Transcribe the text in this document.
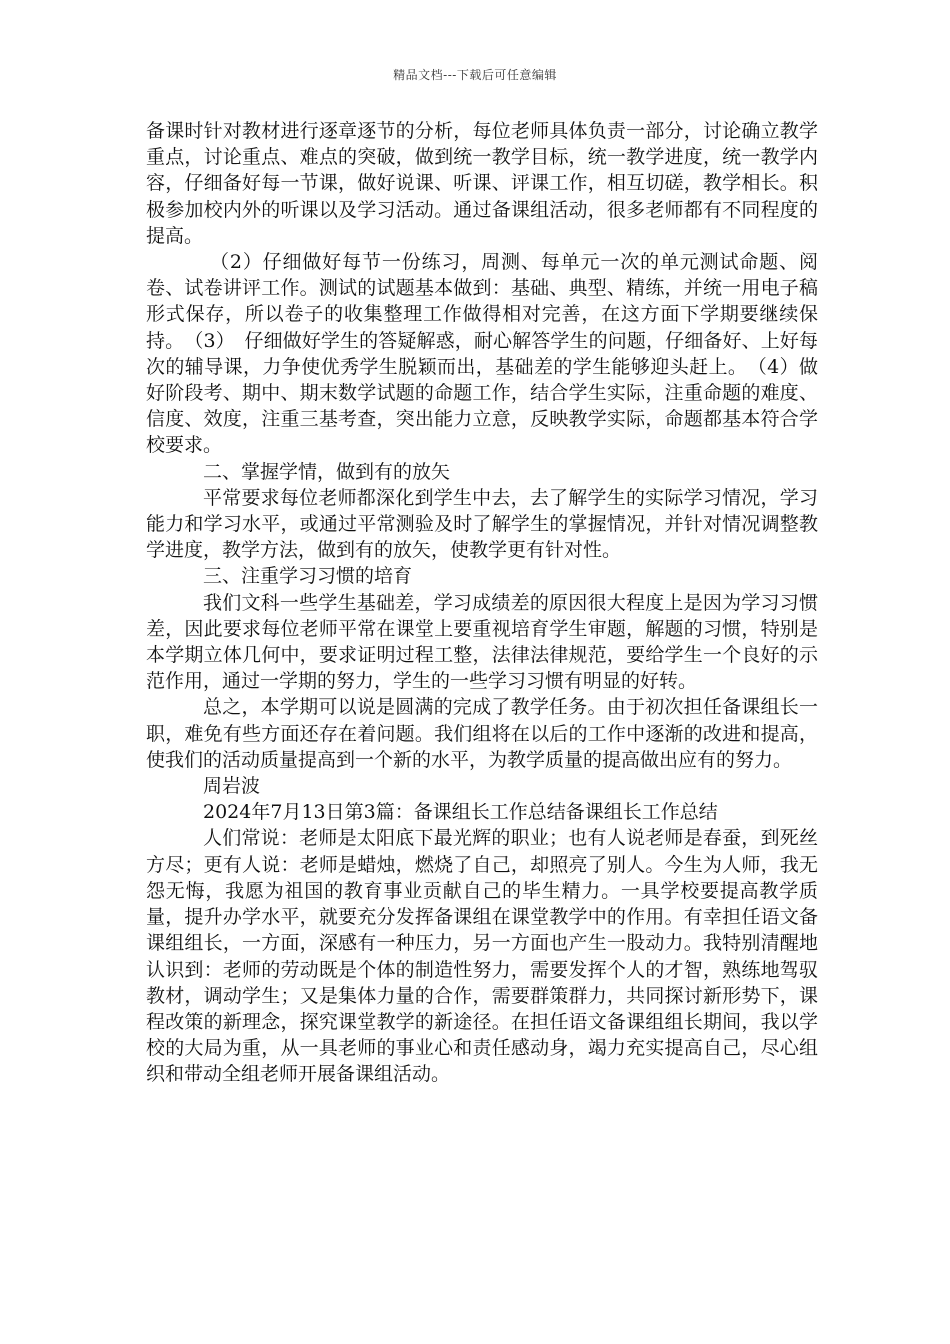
精品文档---下载后可任意编辑

备课时针对教材进行逐章逐节的分析，每位老师具体负责一部分，讨论确立教学重点，讨论重点、难点的突破，做到统一教学目标，统一教学进度，统一教学内容，仔细备好每一节课，做好说课、听课、评课工作，相互切磋，教学相长。积极参加校内外的听课以及学习活动。通过备课组活动，很多老师都有不同程度的提高。

（2）仔细做好每节一份练习，周测、每单元一次的单元测试命题、阅卷、试卷讲评工作。测试的试题基本做到：基础、典型、精练，并统一用电子稿形式保存，所以卷子的收集整理工作做得相对完善，在这方面下学期要继续保持。　（3）　仔细做好学生的答疑解惑，耐心解答学生的问题，仔细备好、上好每次的辅导课，力争使优秀学生脱颖而出，基础差的学生能够迎头赶上。　（4）做好阶段考、期中、期末数学试题的命题工作，结合学生实际，注重命题的难度、信度、效度，注重三基考查，突出能力立意，反映教学实际，命题都基本符合学校要求。

二、掌握学情，做到有的放矢

平常要求每位老师都深化到学生中去，去了解学生的实际学习情况，学习能力和学习水平，或通过平常测验及时了解学生的掌握情况，并针对情况调整教学进度，教学方法，做到有的放矢，使教学更有针对性。

三、注重学习习惯的培育

我们文科一些学生基础差，学习成绩差的原因很大程度上是因为学习习惯差，因此要求每位老师平常在课堂上要重视培育学生审题，解题的习惯，特别是本学期立体几何中，要求证明过程工整，法律法律规范，要给学生一个良好的示范作用，通过一学期的努力，学生的一些学习习惯有明显的好转。

总之，本学期可以说是圆满的完成了教学任务。由于初次担任备课组长一职，难免有些方面还存在着问题。我们组将在以后的工作中逐渐的改进和提高，使我们的活动质量提高到一个新的水平，为教学质量的提高做出应有的努力。

周岩波

2024年7月13日第3篇：备课组长工作总结备课组长工作总结

人们常说：老师是太阳底下最光辉的职业；也有人说老师是春蚕，到死丝方尽；更有人说：老师是蜡烛，燃烧了自己，却照亮了别人。今生为人师，我无怨无悔，我愿为祖国的教育事业贡献自己的毕生精力。一具学校要提高教学质量，提升办学水平，就要充分发挥备课组在课堂教学中的作用。有幸担任语文备课组组长，一方面，深感有一种压力，另一方面也产生一股动力。我特别清醒地认识到：老师的劳动既是个体的制造性努力，需要发挥个人的才智，熟练地驾驭教材，调动学生；又是集体力量的合作，需要群策群力，共同探讨新形势下，课程改策的新理念，探究课堂教学的新途径。在担任语文备课组组长期间，我以学校的大局为重，从一具老师的事业心和责任感动身，竭力充实提高自己，尽心组织和带动全组老师开展备课组活动。
